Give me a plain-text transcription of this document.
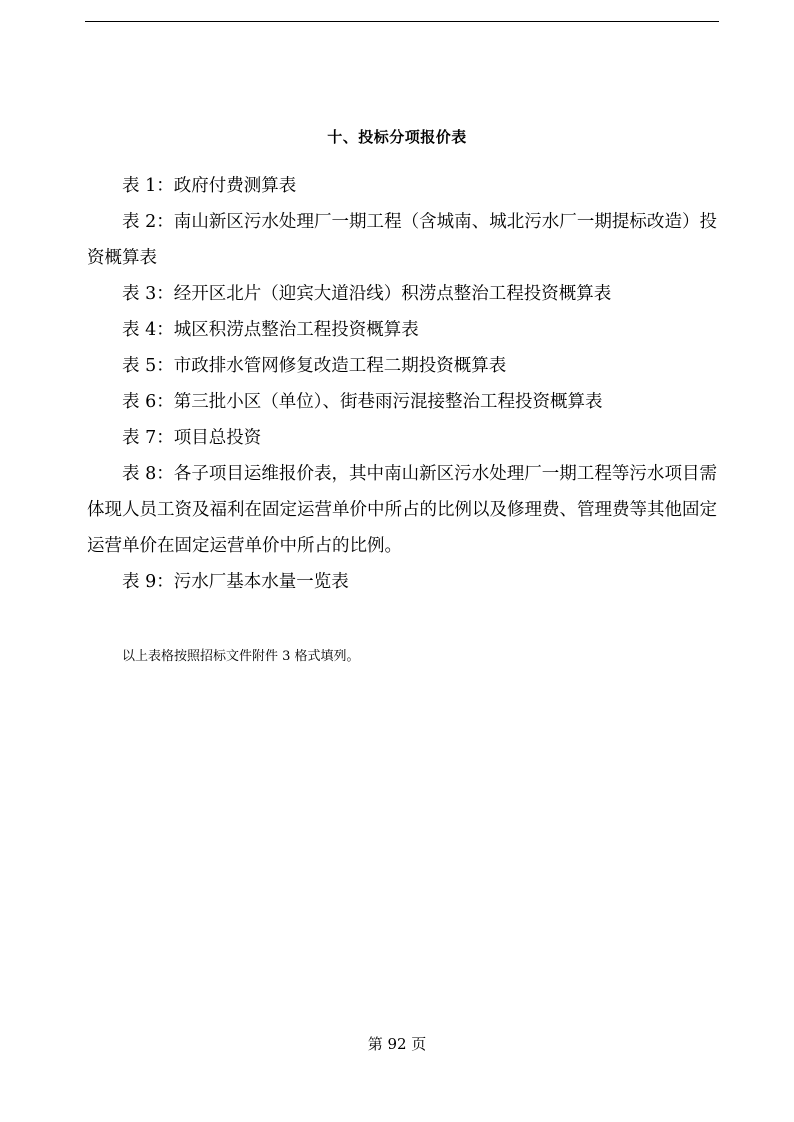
十、投标分项报价表

表 1：政府付费测算表

表 2：南山新区污水处理厂一期工程（含城南、城北污水厂一期提标改造）投资概算表

表 3：经开区北片（迎宾大道沿线）积涝点整治工程投资概算表

表 4：城区积涝点整治工程投资概算表

表 5：市政排水管网修复改造工程二期投资概算表

表 6：第三批小区（单位）、街巷雨污混接整治工程投资概算表

表 7：项目总投资

表 8：各子项目运维报价表，其中南山新区污水处理厂一期工程等污水项目需体现人员工资及福利在固定运营单价中所占的比例以及修理费、管理费等其他固定运营单价在固定运营单价中所占的比例。

表 9：污水厂基本水量一览表

以上表格按照招标文件附件 3 格式填列。
第 92 页
